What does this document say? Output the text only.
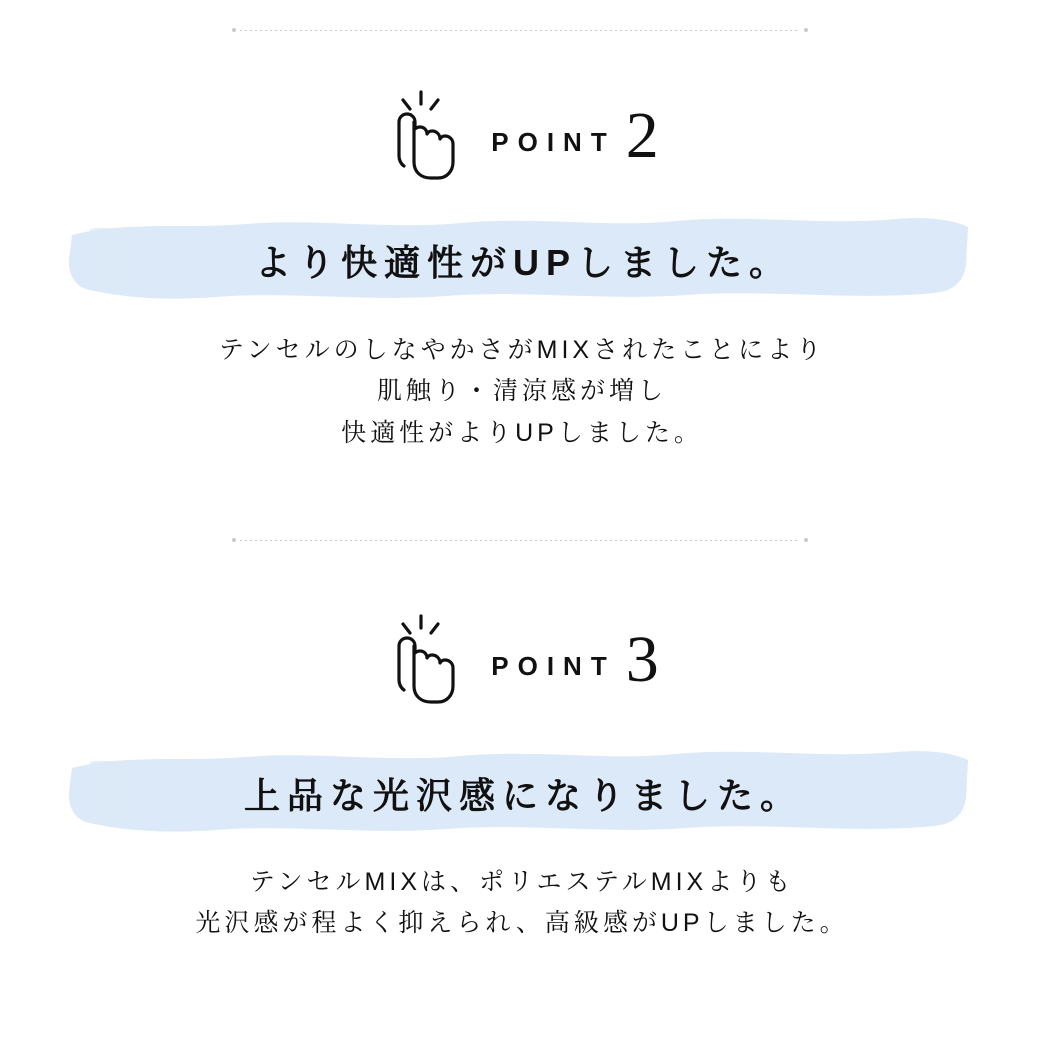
POINT 2
より快適性がUPしました。
テンセルのしなやかさがMIXされたことにより
肌触り・清涼感が増し
快適性がよりUPしました。
POINT 3
上品な光沢感になりました。
テンセルMIXは、ポリエステルMIXよりも
光沢感が程よく抑えられ、高級感がUPしました。
